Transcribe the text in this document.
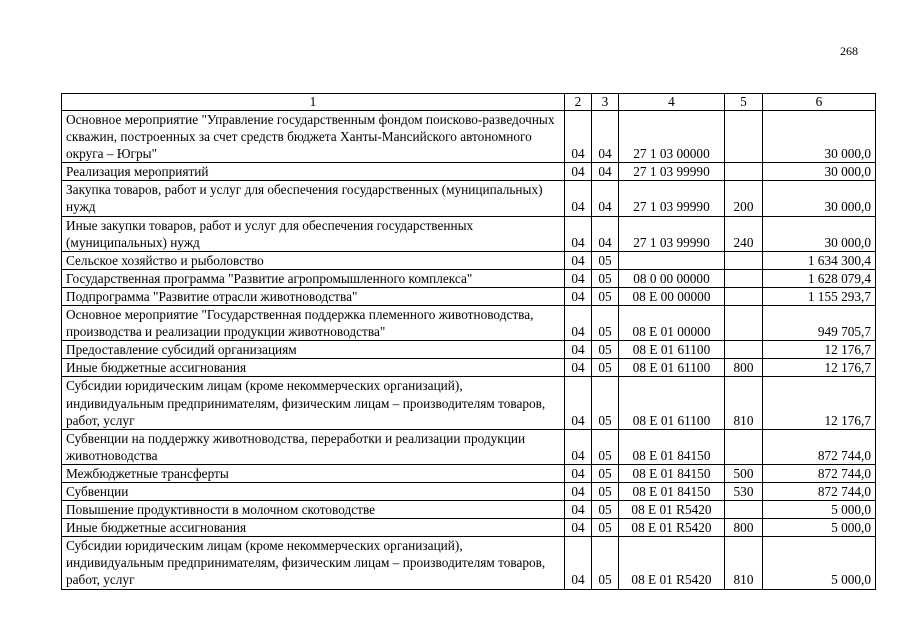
268
1	2	3	4	5	6
Основное мероприятие "Управление государственным фондом поисково-разведочных скважин, построенных за счет средств бюджета Ханты-Мансийского автономного округа – Югры"	04	04	27 1 03 00000		30 000,0
Реализация мероприятий	04	04	27 1 03 99990		30 000,0
Закупка товаров, работ и услуг для обеспечения государственных (муниципальных) нужд	04	04	27 1 03 99990	200	30 000,0
Иные закупки товаров, работ и услуг для обеспечения государственных (муниципальных) нужд	04	04	27 1 03 99990	240	30 000,0
Сельское хозяйство и рыболовство	04	05			1 634 300,4
Государственная программа "Развитие агропромышленного комплекса"	04	05	08 0 00 00000		1 628 079,4
Подпрограмма "Развитие отрасли животноводства"	04	05	08 Е 00 00000		1 155 293,7
Основное мероприятие "Государственная поддержка племенного животноводства, производства и реализации продукции животноводства"	04	05	08 Е 01 00000		949 705,7
Предоставление субсидий организациям	04	05	08 Е 01 61100		12 176,7
Иные бюджетные ассигнования	04	05	08 Е 01 61100	800	12 176,7
Субсидии юридическим лицам (кроме некоммерческих организаций), индивидуальным предпринимателям, физическим лицам – производителям товаров, работ, услуг	04	05	08 Е 01 61100	810	12 176,7
Субвенции на поддержку животноводства, переработки и реализации продукции животноводства	04	05	08 Е 01 84150		872 744,0
Межбюджетные трансферты	04	05	08 Е 01 84150	500	872 744,0
Субвенции	04	05	08 Е 01 84150	530	872 744,0
Повышение продуктивности в молочном скотоводстве	04	05	08 Е 01 R5420		5 000,0
Иные бюджетные ассигнования	04	05	08 Е 01 R5420	800	5 000,0
Субсидии юридическим лицам (кроме некоммерческих организаций), индивидуальным предпринимателям, физическим лицам – производителям товаров, работ, услуг	04	05	08 Е 01 R5420	810	5 000,0
